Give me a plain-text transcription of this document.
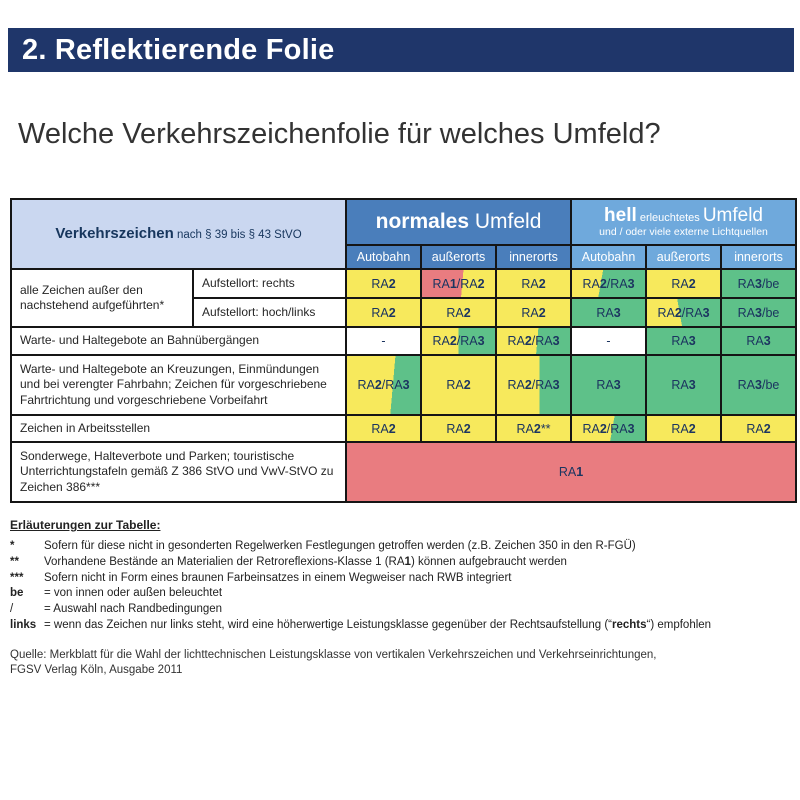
2. Reflektierende Folie
Welche Verkehrszeichenfolie für welches Umfeld?
Verkehrszeichen nach § 39 bis § 43 StVO		normales Umfeld			hell erleuchtetes Umfeld
und / oder viele externe Lichtquellen		

		Autobahn	außerorts	innerorts	Autobahn	außerorts	innerorts
alle Zeichen außer den nachstehend aufgeführten*	Aufstellort: rechts	RA2	RA1/RA2	RA2	RA2/RA3	RA2	RA3/be
	Aufstellort: hoch/links	RA2	RA2	RA2	RA3	RA2/RA3	RA3/be
Warte- und Haltegebote an Bahnübergängen		-	RA2/RA3	RA2/RA3	-	RA3	RA3
Warte- und Haltegebote an Kreuzungen, Einmündungen und bei verengter Fahrbahn; Zeichen für vorgeschriebene Fahrtrichtung und vorgeschriebene Vorbeifahrt		RA2/RA3	RA2	RA2/RA3	RA3	RA3	RA3/be
Zeichen in Arbeitsstellen		RA2	RA2	RA2**	RA2/RA3	RA2	RA2
Sonderwege, Halteverbote und Parken; touristische Unterrichtungstafeln gemäß Z 386 StVO und VwV-StVO zu Zeichen 386***		RA1					
Erläuterungen zur Tabelle:
*	Sofern für diese nicht in gesonderten Regelwerken Festlegungen getroffen werden (z.B. Zeichen 350 in den R-FGÜ)
**	Vorhandene Bestände an Materialien der Retroreflexions-Klasse 1 (RA1) können aufgebraucht werden
***	Sofern nicht in Form eines braunen Farbeinsatzes in einem Wegweiser nach RWB integriert
be	= von innen oder außen beleuchtet
/	= Auswahl nach Randbedingungen
links = wenn das Zeichen nur links steht, wird eine höherwertige Leistungsklasse gegenüber der Rechtsaufstellung (“rechts“) empfohlen
Quelle: Merkblatt für die Wahl der lichttechnischen Leistungsklasse von vertikalen Verkehrszeichen und Verkehrseinrichtungen,
FGSV Verlag Köln, Ausgabe 2011
